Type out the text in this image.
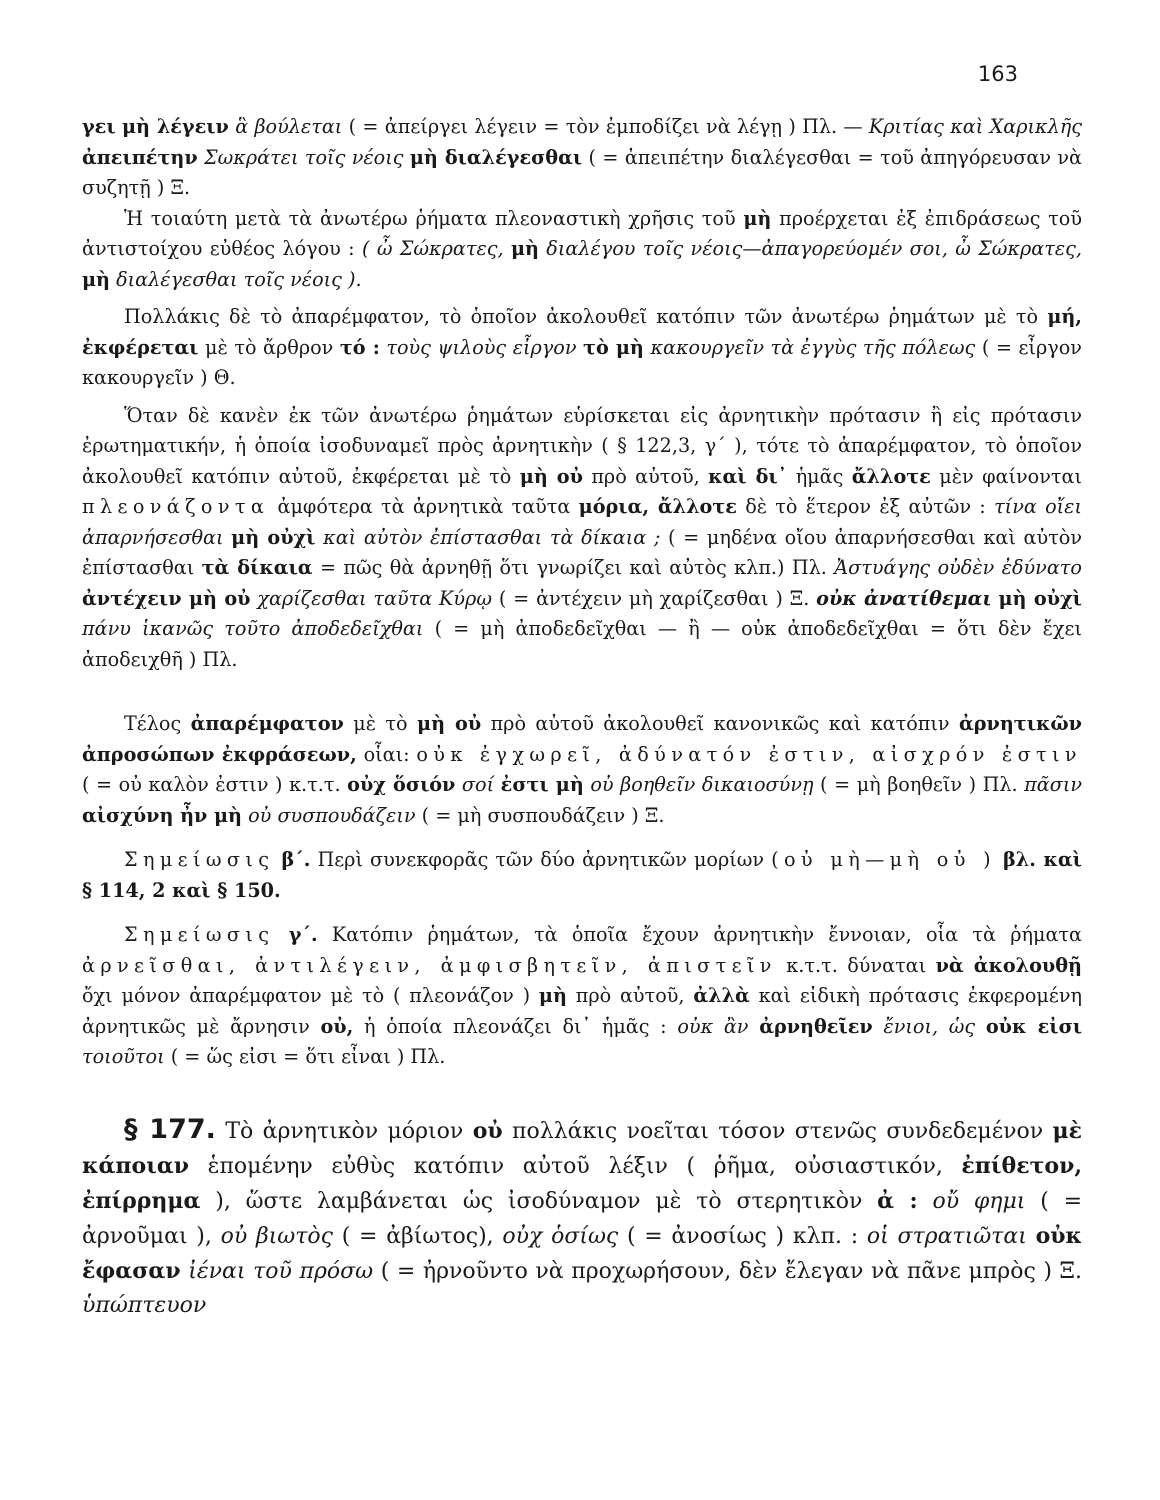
163

γει μὴ λέγειν ἃ βούλεται ( = ἀπείργει λέγειν = τὸν ἐμποδίζει νὰ λέγῃ ) Πλ. — Κριτίας καὶ Χαρικλῆς ἀπειπέτην Σωκράτει τοῖς νέοις μὴ διαλέγεσθαι ( = ἀπειπέτην διαλέγεσθαι = τοῦ ἀπηγόρευσαν νὰ συζητῇ ) Ξ.

Ἡ τοιαύτη μετὰ τὰ ἀνωτέρω ῥήματα πλεοναστικὴ χρῆσις τοῦ μὴ προέρχεται ἐξ ἐπιδράσεως τοῦ ἀντιστοίχου εὐθέος λόγου : ( ὦ Σώκρατες, μὴ διαλέγου τοῖς νέοις—ἀπαγορεύομέν σοι, ὦ Σώκρατες, μὴ διαλέγεσθαι τοῖς νέοις ).

Πολλάκις δὲ τὸ ἀπαρέμφατον, τὸ ὁποῖον ἀκολουθεῖ κατόπιν τῶν ἀνωτέρω ῥημάτων μὲ τὸ μή, ἐκφέρεται μὲ τὸ ἄρθρον τό : τοὺς ψιλοὺς εἶργον τὸ μὴ κακουργεῖν τὰ ἐγγὺς τῆς πόλεως ( = εἶργον κακουργεῖν ) Θ.

Ὅταν δὲ κανὲν ἐκ τῶν ἀνωτέρω ῥημάτων εὑρίσκεται εἰς ἀρνητικὴν πρότασιν ἢ εἰς πρότασιν ἐρωτηματικήν, ἡ ὁποία ἰσοδυναμεῖ πρὸς ἀρνητικὴν ( § 122,3, γ΄ ), τότε τὸ ἀπαρέμφατον, τὸ ὁποῖον ἀκολουθεῖ κατόπιν αὐτοῦ, ἐκφέρεται μὲ τὸ μὴ οὐ πρὸ αὐτοῦ, καὶ δι᾽ ἡμᾶς ἄλλοτε μὲν φαίνονται πλεονάζοντα ἀμφότερα τὰ ἀρνητικὰ ταῦτα μόρια, ἄλλοτε δὲ τὸ ἕτερον ἐξ αὐτῶν : τίνα οἴει ἀπαρνήσεσθαι μὴ οὐχὶ καὶ αὐτὸν ἐπίστασθαι τὰ δίκαια ; ( = μηδένα οἴου ἀπαρνήσεσθαι καὶ αὐτὸν ἐπίστασθαι τὰ δίκαια = πῶς θὰ ἀρνηθῇ ὅτι γνωρίζει καὶ αὐτὸς κλπ.) Πλ. Ἀστυάγης οὐδὲν ἐδύνατο ἀντέχειν μὴ οὐ χαρίζεσθαι ταῦτα Κύρῳ ( = ἀντέχειν μὴ χαρίζεσθαι ) Ξ. οὐκ ἀνατίθεμαι μὴ οὐχὶ πάνυ ἱκανῶς τοῦτο ἀποδεδεῖχθαι ( = μὴ ἀποδεδεῖχθαι — ἢ — οὐκ ἀποδεδεῖχθαι = ὅτι δὲν ἔχει ἀποδειχθῆ ) Πλ.

Τέλος ἀπαρέμφατον μὲ τὸ μὴ οὐ πρὸ αὐτοῦ ἀκολουθεῖ κανονικῶς καὶ κατόπιν ἀρνητικῶν ἀπροσώπων ἐκφράσεων, οἷαι: οὐκ ἐγχωρεῖ, ἀδύνατόν ἐστιν, αἰσχρόν ἐστιν ( = οὐ καλὸν ἐστιν ) κ.τ.τ. οὐχ ὅσιόν σοί ἐστι μὴ οὐ βοηθεῖν δικαιοσύνῃ ( = μὴ βοηθεῖν ) Πλ. πᾶσιν αἰσχύνη ἦν μὴ οὐ συσπουδάζειν ( = μὴ συσπουδάζειν ) Ξ.

Σημείωσις β΄. Περὶ συνεκφορᾶς τῶν δύο ἀρνητικῶν μορίων (οὐ μὴ—μὴ οὐ ) βλ. καὶ § 114, 2 καὶ § 150.

Σημείωσις γ΄. Κατόπιν ῥημάτων, τὰ ὁποῖα ἔχουν ἀρνητικὴν ἔννοιαν, οἷα τὰ ῥήματα ἀρνεῖσθαι, ἀντιλέγειν, ἀμφισβητεῖν, ἀπιστεῖν κ.τ.τ. δύναται νὰ ἀκολουθῇ ὄχι μόνον ἀπαρέμφατον μὲ τὸ ( πλεονάζον ) μὴ πρὸ αὐτοῦ, ἀλλὰ καὶ εἰδικὴ πρότασις ἐκφερομένη ἀρνητικῶς μὲ ἄρνησιν οὐ, ἡ ὁποία πλεονάζει δι᾽ ἡμᾶς : οὐκ ἂν ἀρνηθεῖεν ἔνιοι, ὡς οὐκ εἰσι τοιοῦτοι ( = ὥς εἰσι = ὅτι εἶναι ) Πλ.

§ 177. Τὸ ἀρνητικὸν μόριον οὐ πολλάκις νοεῖται τόσον στενῶς συνδεδεμένον μὲ κάποιαν ἑπομένην εὐθὺς κατόπιν αὐτοῦ λέξιν ( ῥῆμα, οὐσιαστικόν, ἐπίθετον, ἐπίρρημα ), ὥστε λαμβάνεται ὡς ἰσοδύναμον μὲ τὸ στερητικὸν ἀ : οὔ φημι ( = ἀρνοῦμαι ), οὐ βιωτὸς ( = ἀβίωτος), οὐχ ὁσίως ( = ἀνοσίως ) κλπ. : οἱ στρατιῶται οὐκ ἔφασαν ἰέναι τοῦ πρόσω ( = ἠρνοῦντο νὰ προχωρήσουν, δὲν ἔλεγαν νὰ πᾶνε μπρὸς ) Ξ. ὑπώπτευον
